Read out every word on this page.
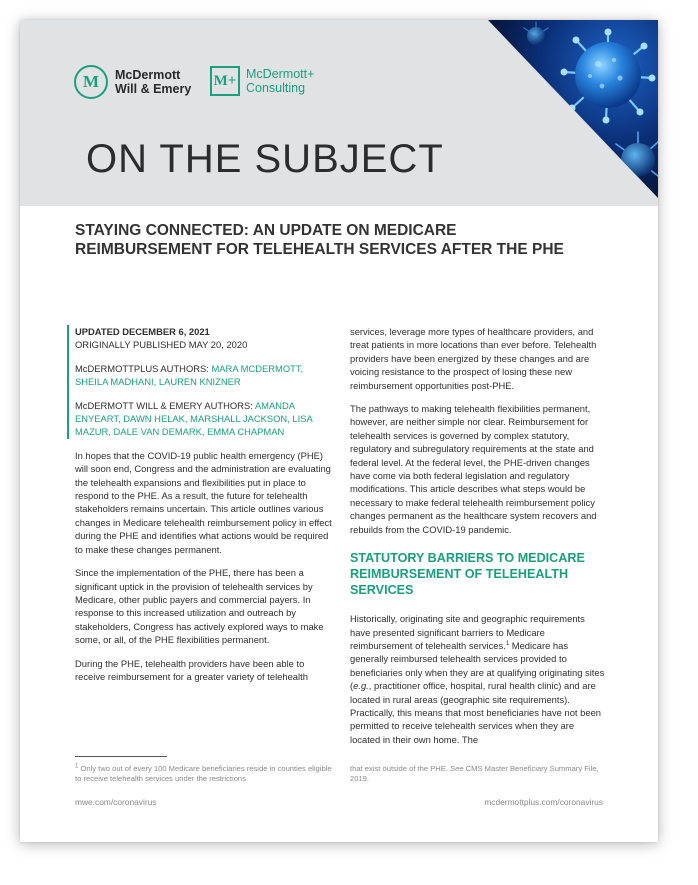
M	McDermott
Will & Emery
M+ McDermott+
Consulting
ON THE SUBJECT
STAYING CONNECTED: AN UPDATE ON MEDICARE REIMBURSEMENT FOR TELEHEALTH SERVICES AFTER THE PHE

UPDATED DECEMBER 6, 2021
ORIGINALLY PUBLISHED MAY 20, 2020

McDERMOTTPLUS AUTHORS: MARA MCDERMOTT, SHEILA MADHANI, LAUREN KNIZNER

McDERMOTT WILL & EMERY AUTHORS: AMANDA ENYEART, DAWN HELAK, MARSHALL JACKSON, LISA MAZUR, DALE VAN DEMARK, EMMA CHAPMAN

In hopes that the COVID-19 public health emergency (PHE) will soon end, Congress and the administration are evaluating the telehealth expansions and flexibilities put in place to respond to the PHE. As a result, the future for telehealth stakeholders remains uncertain. This article outlines various changes in Medicare telehealth reimbursement policy in effect during the PHE and identifies what actions would be required to make these changes permanent.

Since the implementation of the PHE, there has been a significant uptick in the provision of telehealth services by Medicare, other public payers and commercial payers. In response to this increased utilization and outreach by stakeholders, Congress has actively explored ways to make some, or all, of the PHE flexibilities permanent.

During the PHE, telehealth providers have been able to receive reimbursement for a greater variety of telehealth

services, leverage more types of healthcare providers, and treat patients in more locations than ever before. Telehealth providers have been energized by these changes and are voicing resistance to the prospect of losing these new reimbursement opportunities post-PHE.

The pathways to making telehealth flexibilities permanent, however, are neither simple nor clear. Reimbursement for telehealth services is governed by complex statutory, regulatory and subregulatory requirements at the state and federal level. At the federal level, the PHE-driven changes have come via both federal legislation and regulatory modifications. This article describes what steps would be necessary to make federal telehealth reimbursement policy changes permanent as the healthcare system recovers and rebuilds from the COVID-19 pandemic.

STATUTORY BARRIERS TO MEDICARE REIMBURSEMENT OF TELEHEALTH SERVICES

Historically, originating site and geographic requirements have presented significant barriers to Medicare reimbursement of telehealth services.$^1$ Medicare has generally reimbursed telehealth services provided to beneficiaries only when they are at qualifying originating sites (e.g., practitioner office, hospital, rural health clinic) and are located in rural areas (geographic site requirements). Practically, this means that most beneficiaries have not been permitted to receive telehealth services when they are located in their own home. The

$^1$ Only two out of every 100 Medicare beneficiaries reside in counties eligible to receive telehealth services under the restrictions
that exist outside of the PHE. See CMS Master Beneficiary Summary File, 2019.
mwe.com/coronavirus	mcdermottplus.com/coronavirus
